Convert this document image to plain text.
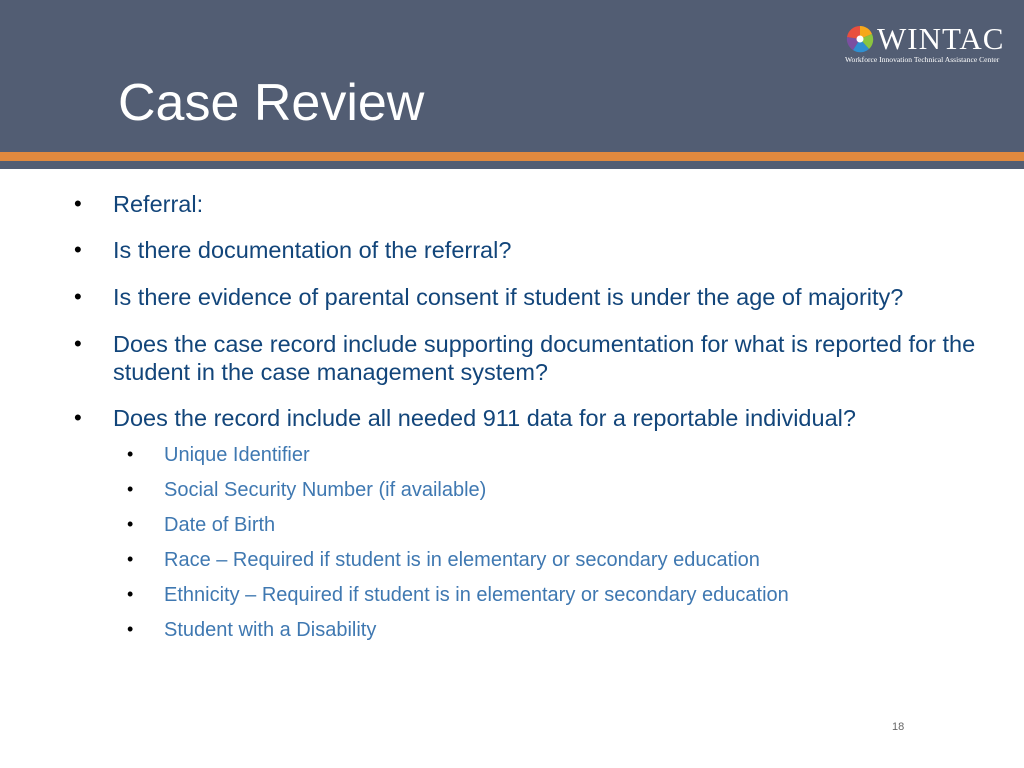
WINTAC
Workforce Innovation Technical Assistance Center
Case Review
• Referral:
• Is there documentation of the referral?
• Is there evidence of parental consent if student is under the age of majority?
• Does the case record include supporting documentation for what is reported for the student in the case management system?
• Does the record include all needed 911 data for a reportable individual?
• Unique Identifier
• Social Security Number (if available)
• Date of Birth
• Race – Required if student is in elementary or secondary education
• Ethnicity – Required if student is in elementary or secondary education
• Student with a Disability
18
